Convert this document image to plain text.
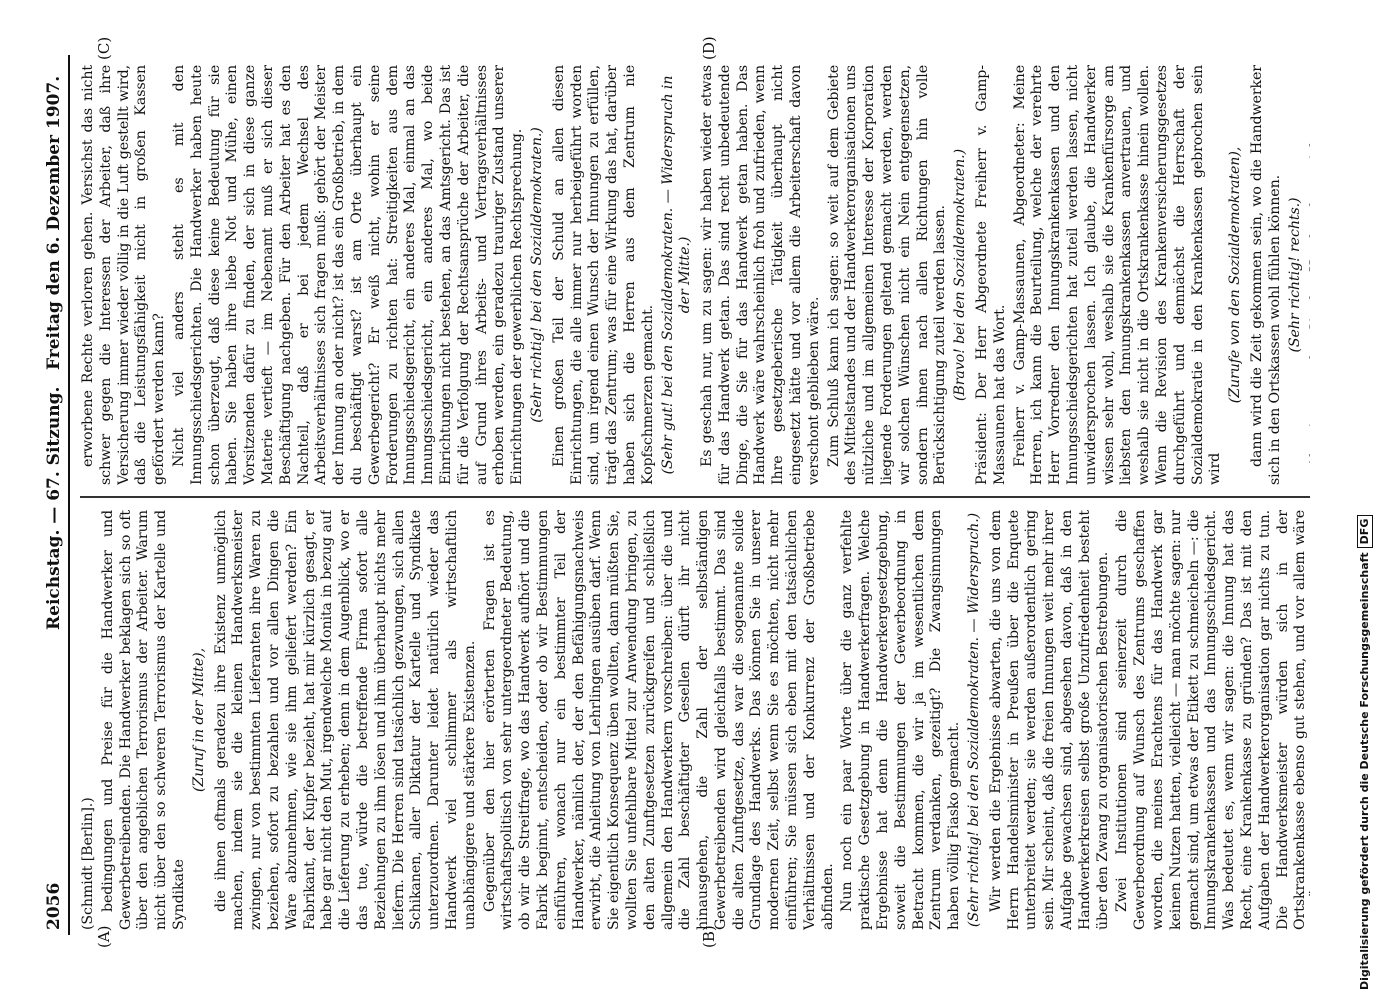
2056
Reichstag. — 67. Sitzung.
Freitag den 6. Dezember 1907.
(A)	(B)
(C)	(D)

(Schmidt [Berlin].) bedingungen und Preise für die Handwerker und Gewerbetreibenden. Die Handwerker beklagen sich so oft über den angeblichen Terrorismus der Arbeiter. Warum nicht über den so schweren Terrorismus der Kartelle und Syndikate

(Zuruf in der Mitte), die ihnen oftmals geradezu ihre Existenz unmöglich machen, indem sie die kleinen Handwerksmeister zwingen, nur von bestimmten Lieferanten ihre Waren zu beziehen, sofort zu bezahlen und vor allen Dingen die Ware abzunehmen, wie sie ihm geliefert werden? Ein Fabrikant, der Kupfer bezieht, hat mir kürzlich gesagt, er habe gar nicht den Mut, irgendwelche Monita in bezug auf die Lieferung zu erheben; denn in dem Augenblick, wo er das tue, würde die betreffende Firma sofort alle Beziehungen zu ihm lösen und ihm überhaupt nichts mehr liefern. Die Herren sind tatsächlich gezwungen, sich allen Schikanen, aller Diktatur der Kartelle und Syndikate unterzuordnen. Darunter leidet natürlich wieder das Handwerk viel schlimmer als wirtschaftlich unabhängigere und stärkere Existenzen. Gegenüber den hier erörterten Fragen ist es wirtschaftspolitisch von sehr untergeordneter Bedeutung, ob wir die Streitfrage, wo das Handwerk aufhört und die Fabrik beginnt, entscheiden, oder ob wir Bestimmungen einführen, wonach nur ein bestimmter Teil der Handwerker, nämlich der, der den Befähigungsnachweis erwirbt, die Anleitung von Lehrlingen ausüben darf. Wenn Sie eigentlich Konsequenz üben wollten, dann müßten Sie, wollten Sie unfehlbare Mittel zur Anwendung bringen, zu den alten Zunftgesetzen zurückgreifen und schließlich allgemein den Handwerkern vorschreiben: über die und die Zahl beschäftigter Gesellen dürft ihr nicht hinausgehen, die Zahl der selbständigen Gewerbetreibenden wird gleichfalls bestimmt. Das sind die alten Zunftgesetze, das war die sogenannte solide Grundlage des Handwerks. Das können Sie in unserer modernen Zeit, selbst wenn Sie es möchten, nicht mehr einführen; Sie müssen sich eben mit den tatsächlichen Verhältnissen und der Konkurrenz der Großbetriebe abfinden. Nun noch ein paar Worte über die ganz verfehlte praktische Gesetzgebung in Handwerkerfragen. Welche Ergebnisse hat denn die Handwerkergesetzgebung, soweit die Bestimmungen der Gewerbeordnung in Betracht kommen, die wir ja im wesentlichen dem Zentrum verdanken, gezeitigt? Die Zwangsinnungen haben völlig Fiasko gemacht. (Sehr richtig! bei den Sozialdemokraten. — Widerspruch.) Wir werden die Ergebnisse abwarten, die uns von dem Herrn Handelsminister in Preußen über die Enquete unterbreitet werden; sie werden außerordentlich gering sein. Mir scheint, daß die freien Innungen weit mehr ihrer Aufgabe gewachsen sind, abgesehen davon, daß in den Handwerkerkreisen selbst große Unzufriedenheit besteht über den Zwang zu organisatorischen Bestrebungen. Zwei Institutionen sind seinerzeit durch die Gewerbeordnung auf Wunsch des Zentrums geschaffen worden, die meines Erachtens für das Handwerk gar keinen Nutzen hatten, vielleicht — man möchte sagen: nur gemacht sind, um etwas der Etikett zu schmeicheln —: die Innungskrankenkassen und das Innungsschiedsgericht. Was bedeutet es, wenn wir sagen: die Innung hat das Recht, eine Krankenkasse zu gründen? Das ist mit den Aufgaben der Handwerkerorganisation gar nichts zu tun. Die Handwerksmeister würden sich in der Ortskrankenkasse ebenso gut stehen, und vor allem wäre

erworbene Rechte verloren gehen. Versichst das nicht schwer gegen die Interessen der Arbeiter, daß ihre Versicherung immer wieder völlig in die Luft gestellt wird, daß die Leistungsfähigkeit nicht in großen Kassen gefördert werden kann? Nicht viel anders steht es mit den Innungsschiedsgerichten. Die Handwerker haben heute schon überzeugt, daß diese keine Bedeutung für sie haben. Sie haben ihre liebe Not und Mühe, einen Vorsitzenden dafür zu finden, der sich in diese ganze Materie vertieft — im Nebenamt muß er sich dieser Beschäftigung nachgeben. Für den Arbeiter hat es den Nachteil, daß er bei jedem Wechsel des Arbeitsverhältnisses sich fragen muß: gehört der Meister der Innung an oder nicht? ist das ein Großbetrieb, in dem du beschäftigt warst? ist am Orte überhaupt ein Gewerbegericht? Er weiß nicht, wohin er seine Forderungen zu richten hat: Streitigkeiten aus dem Innungsschiedsgericht, ein anderes Mal, einmal an das Innungsschiedsgericht, ein anderes Mal, wo beide Einrichtungen nicht bestehen, an das Amtsgericht. Das ist für die Verfolgung der Rechtsansprüche der Arbeiter, die auf Grund ihres Arbeits- und Vertragsverhältnisses erhoben werden, ein geradezu trauriger Zustand unserer Einrichtungen der gewerblichen Rechtsprechung. (Sehr richtig! bei den Sozialdemokraten.) Einen großen Teil der Schuld an allen diesen Einrichtungen, die alle immer nur herbeigeführt worden sind, um irgend einen Wunsch der Innungen zu erfüllen, trägt das Zentrum; was für eine Wirkung das hat, darüber haben sich die Herren aus dem Zentrum nie Kopfschmerzen gemacht. (Sehr gut! bei den Sozialdemokraten. — Widerspruch in der Mitte.) Es geschah nur, um zu sagen: wir haben wieder etwas für das Handwerk getan. Das sind recht unbedeutende Dinge, die Sie für das Handwerk getan haben. Das Handwerk wäre wahrscheinlich froh und zufrieden, wenn Ihre gesetzgeberische Tätigkeit überhaupt nicht eingesetzt hätte und vor allem die Arbeiterschaft davon verschont geblieben wäre. Zum Schluß kann ich sagen: so weit auf dem Gebiete des Mittelstandes und der Handwerkerorganisationen uns nützliche und im allgemeinen Interesse der Korporation liegende Forderungen geltend gemacht werden, werden wir solchen Wünschen nicht ein Nein entgegensetzen, sondern ihnen nach allen Richtungen hin volle Berücksichtigung zuteil werden lassen. (Bravo! bei den Sozialdemokraten.) Präsident: Der Herr Abgeordnete Freiherr v. Gamp-Massaunen hat das Wort. Freiherr v. Gamp-Massaunen, Abgeordneter: Meine Herren, ich kann die Beurteilung, welche der verehrte Herr Vorredner den Innungskrankenkassen und den Innungsschiedsgerichten hat zuteil werden lassen, nicht unwidersprochen lassen. Ich glaube, die Handwerker wissen sehr wohl, weshalb sie die Krankenfürsorge am liebsten den Innungskrankenkassen anvertrauen, und weshalb sie nicht in die Ortskrankenkasse hinein wollen. Wenn die Revision des Krankenversicherungsgesetzes durchgeführt und demnächst die Herrschaft der Sozialdemokratie in den Krankenkassen gebrochen sein wird

(Zurufe von den Sozialdemokraten), dann wird die Zeit gekommen sein, wo die Handwerker sich in den Ortskassen wohl fühlen können. (Sehr richtig! rechts.)

Digitalisierung gefördert durch die Deutsche ForschungsgemeinschaftDFG
